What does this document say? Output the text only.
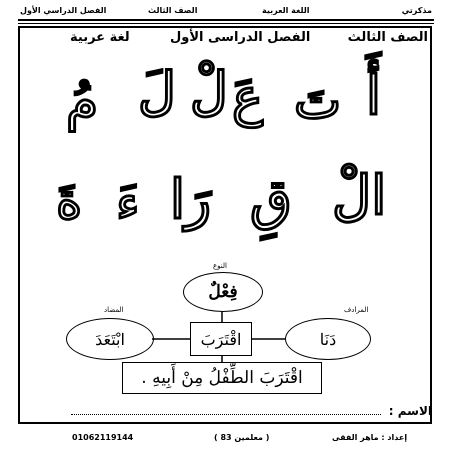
مذكرتي
اللغة العربية
الصف الثالث
الفصل الدراسي الأول
الصف الثالث
الفصل الدراسى الأول
لغة عربية
أَ
تَ
عَ
لْ
لَ
مُ
الْ
قِ
رَا
ءَ
ةَ
النوع
فِعْلٌ
المرادف
دَنَا
المضاد
ابْتَعَدَ	اقْتَرَبَ
اقْتَرَبَ الطِّفْلُ مِنْ أَبِيهِ .
الاسم :
01062119144	( معلمين 83 )	إعداد : ماهر الفقى
